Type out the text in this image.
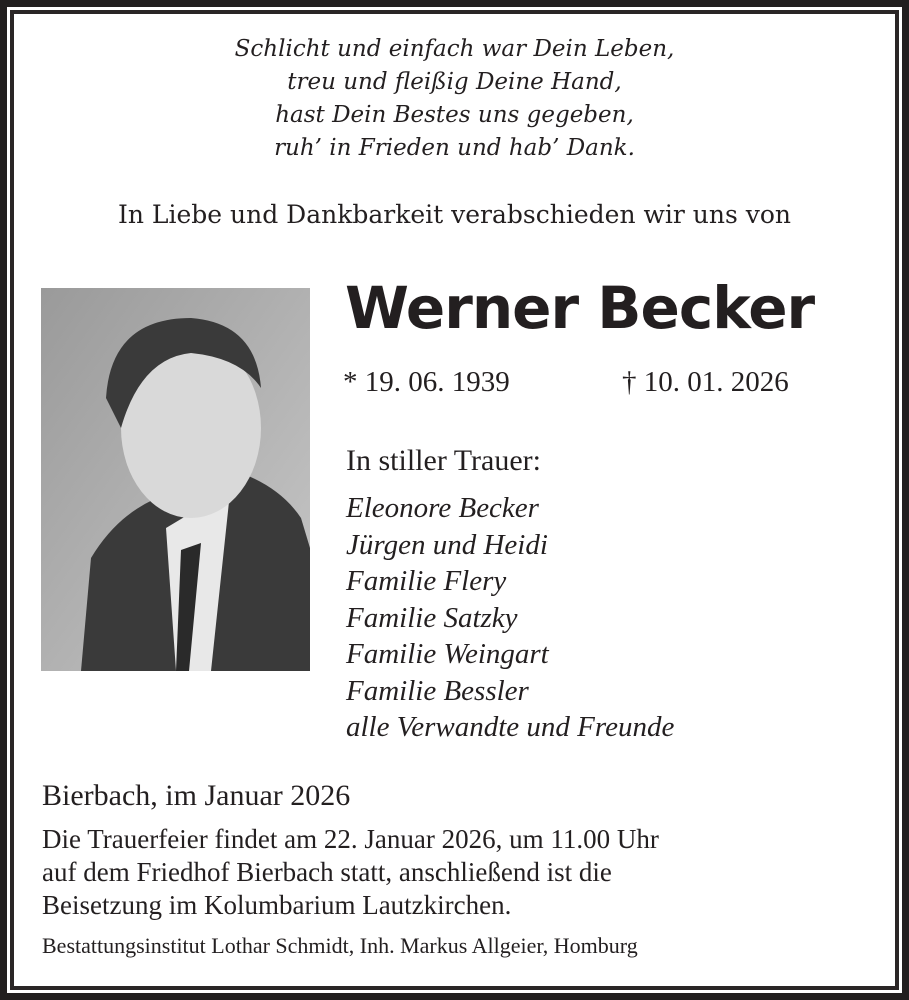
Schlicht und einfach war Dein Leben,
treu und fleißig Deine Hand,
hast Dein Bestes uns gegeben,
ruh’ in Frieden und hab’ Dank.
In Liebe und Dankbarkeit verabschieden wir uns von
Werner Becker
* 19. 06. 1939	† 10. 01. 2026
In stiller Trauer:
Eleonore Becker
Jürgen und Heidi
Familie Flery
Familie Satzky
Familie Weingart
Familie Bessler
alle Verwandte und Freunde
Bierbach, im Januar 2026
Die Trauerfeier findet am 22. Januar 2026, um 11.00 Uhr
auf dem Friedhof Bierbach statt, anschließend ist die
Beisetzung im Kolumbarium Lautzkirchen.
Bestattungsinstitut Lothar Schmidt, Inh. Markus Allgeier, Homburg
